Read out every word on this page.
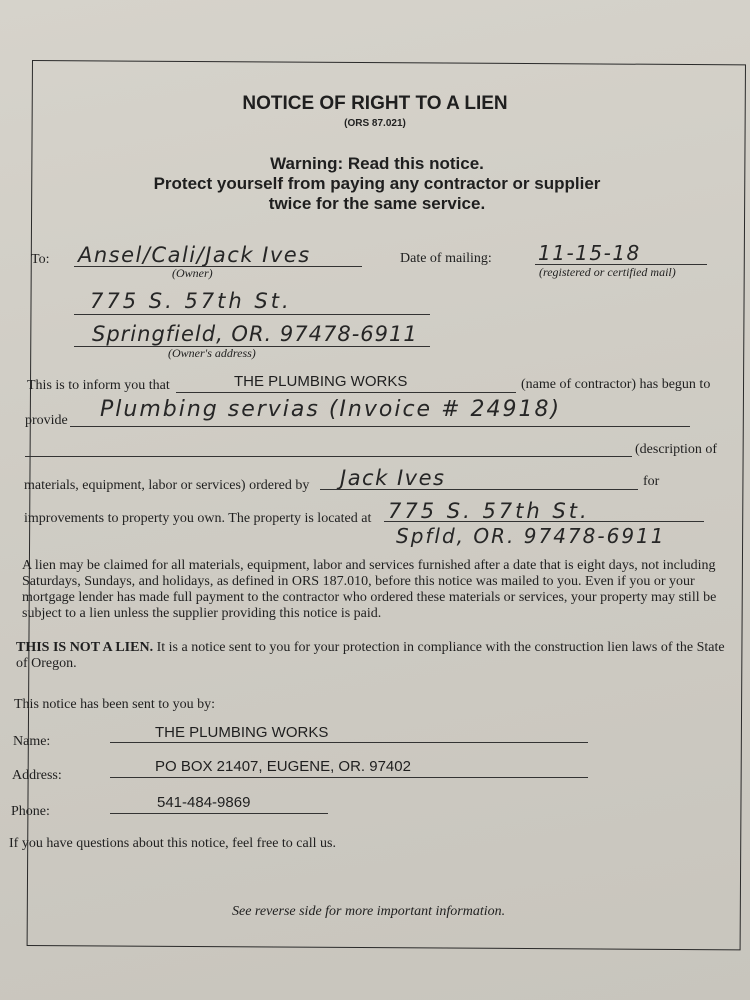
NOTICE OF RIGHT TO A LIEN
(ORS 87.021)
Warning: Read this notice.
Protect yourself from paying any contractor or supplier
twice for the same service.
To: Ansel/Cali/Jack Ives
(Owner)
Date of mailing: 11-15-18
(registered or certified mail)
775 S. 57th St.
Springfield, OR. 97478-6911
(Owner's address)
This is to inform you that	THE PLUMBING WORKS	(name of contractor) has begun to
provide Plumbing servias (Invoice # 24918)
(description of
materials, equipment, labor or services) ordered by Jack Ives	for
improvements to property you own. The property is located at 775 S. 57th St.
Spfld, OR. 97478-6911
A lien may be claimed for all materials, equipment, labor and services furnished after a date that is eight days, not including Saturdays, Sundays, and holidays, as defined in ORS 187.010, before this notice was mailed to you. Even if you or your mortgage lender has made full payment to the contractor who ordered these materials or services, your property may still be subject to a lien unless the supplier providing this notice is paid.
THIS IS NOT A LIEN. It is a notice sent to you for your protection in compliance with the construction lien laws of the State of Oregon.
This notice has been sent to you by:
Name:
THE PLUMBING WORKS
Address:
PO BOX 21407, EUGENE, OR. 97402
Phone:
541-484-9869
If you have questions about this notice, feel free to call us.
See reverse side for more important information.
